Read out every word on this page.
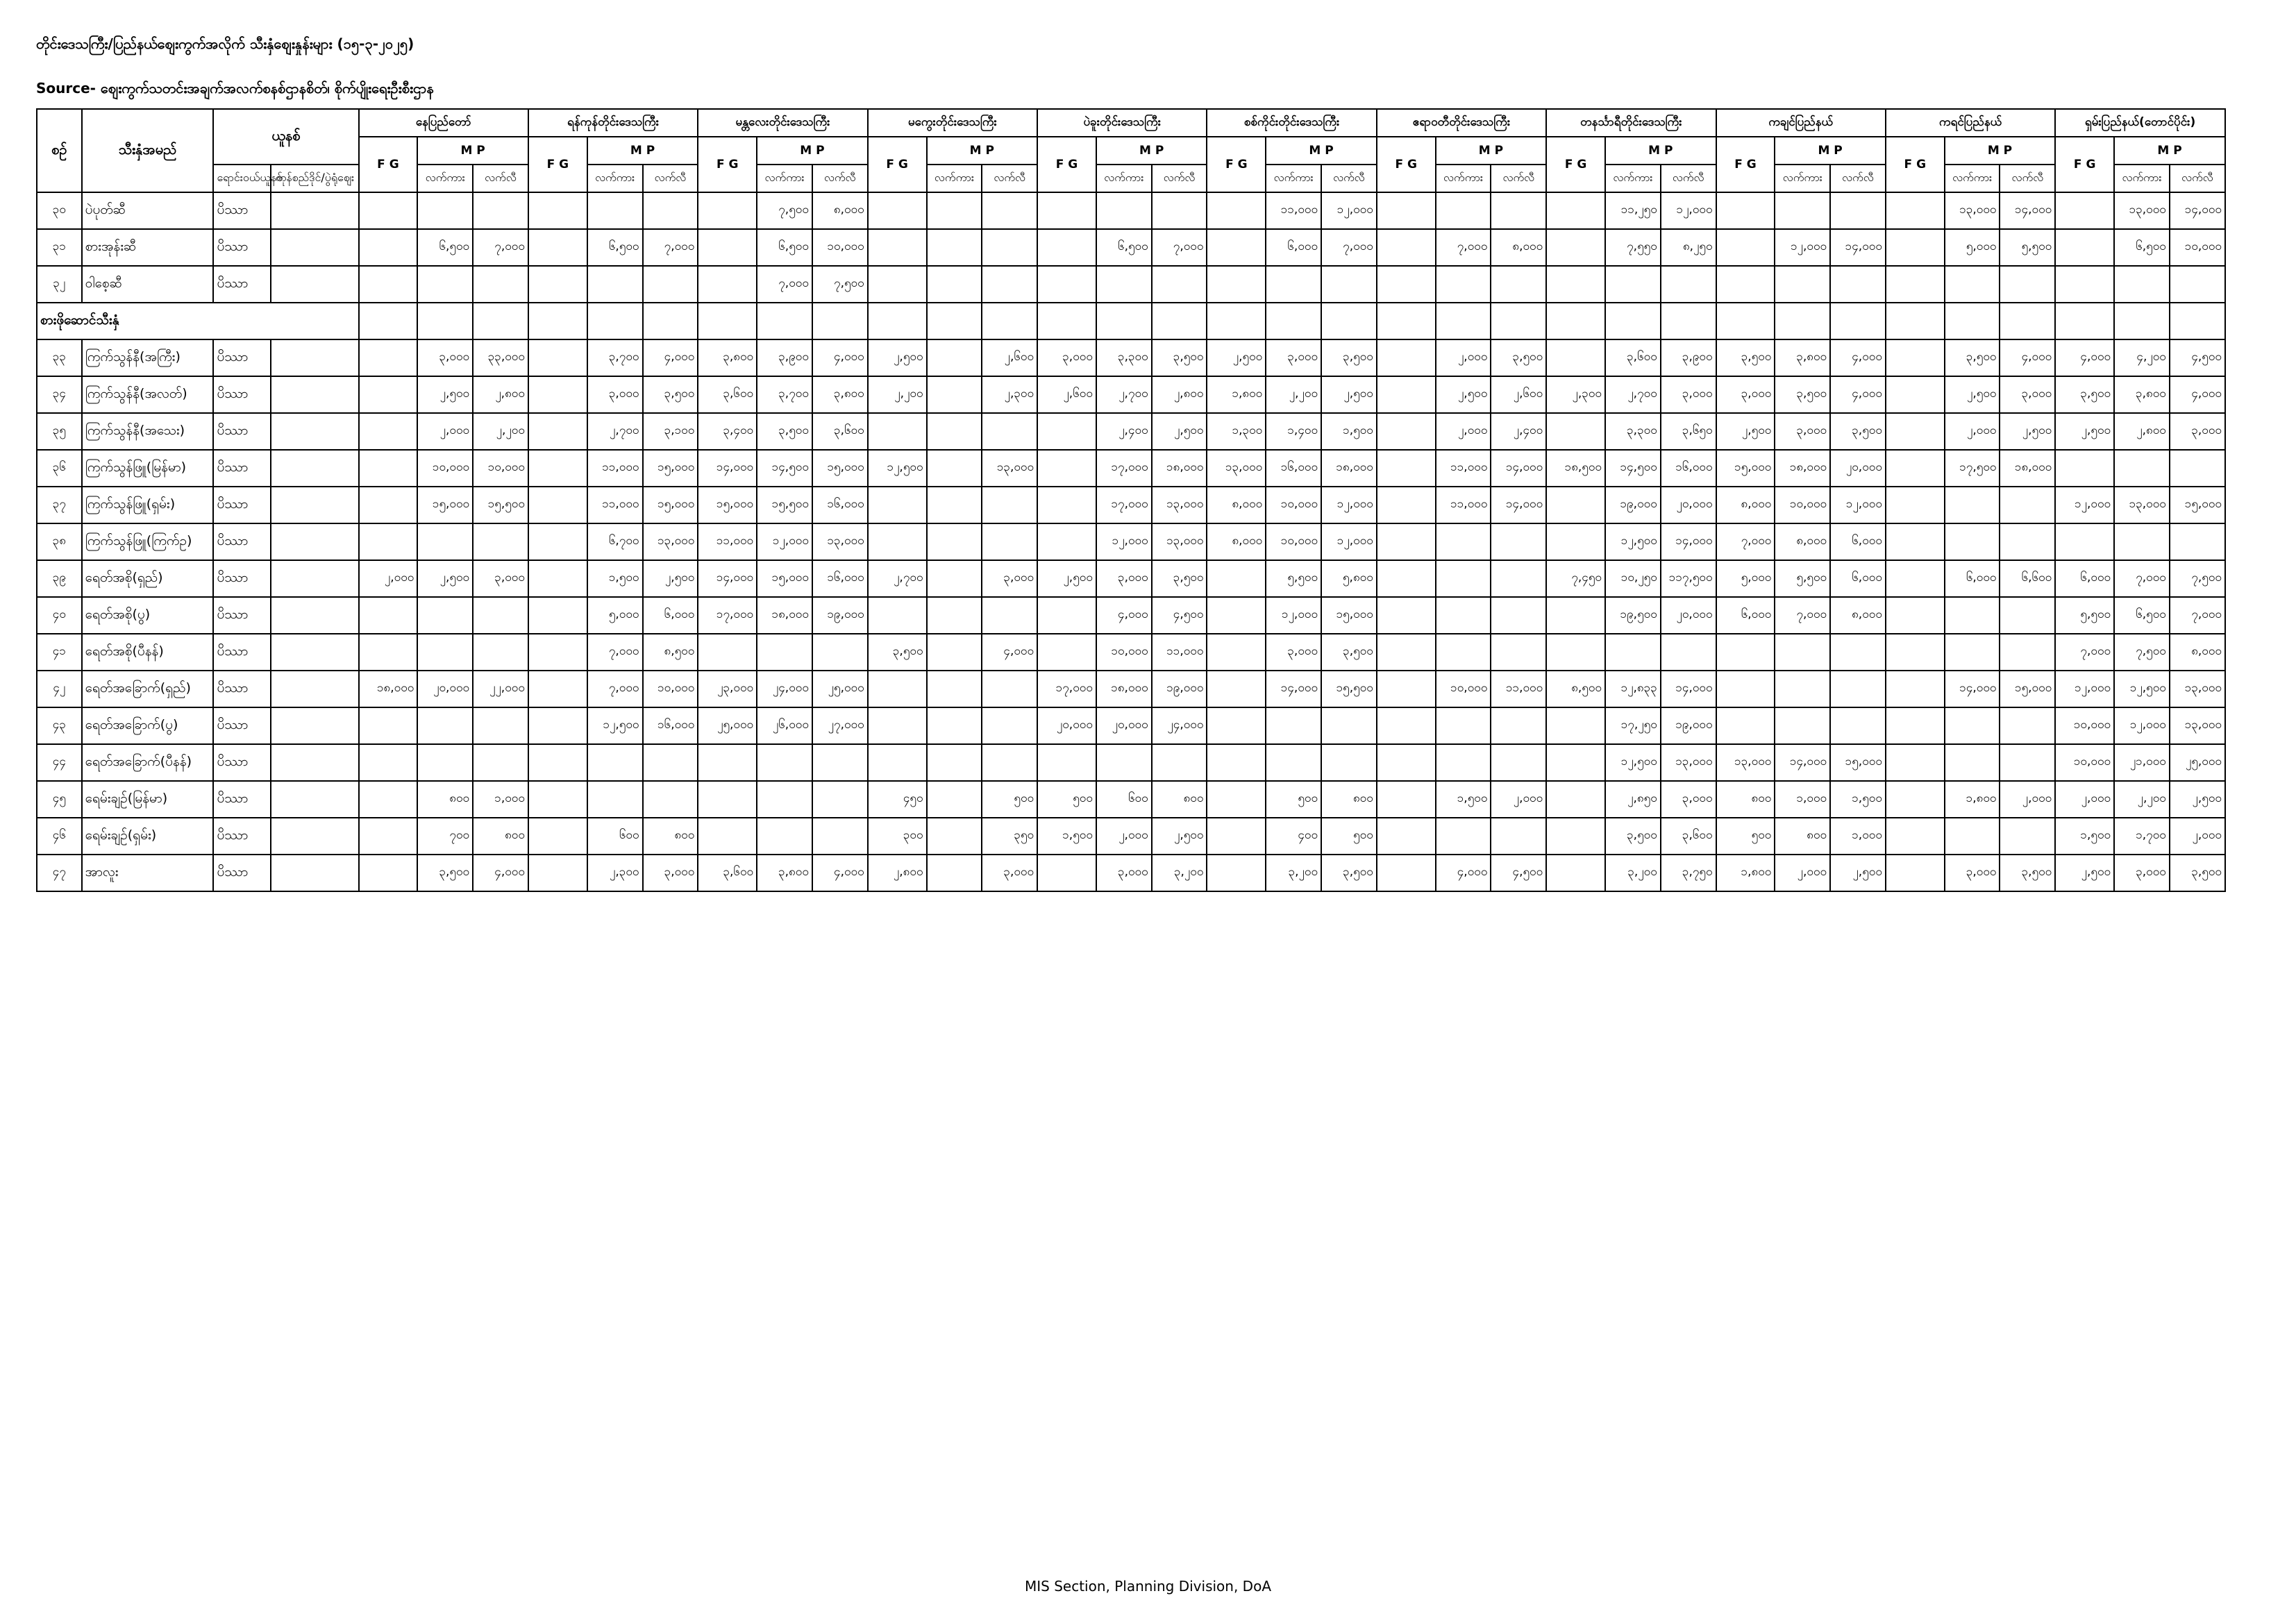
တိုင်းဒေသကြီး/ပြည်နယ်စျေးကွက်အလိုက် သီးနှံစျေးနှုန်းများ (၁၅-၃-၂၀၂၅)
Source- စျေးကွက်သတင်းအချက်အလက်စနစ်ဌာနစိတ်၊ စိုက်ပျိုးရေးဦးစီးဌာန
စဉ်	သီးနှံအမည်	ယူနစ်		နေပြည်တော်			ရန်ကုန်တိုင်းဒေသကြီး			မန္တလေးတိုင်းဒေသကြီး			မကွေးတိုင်းဒေသကြီး			ပဲခူးတိုင်းဒေသကြီး			စစ်ကိုင်းတိုင်းဒေသကြီး			ဧရာဝတီတိုင်းဒေသကြီး			တနင်္သာရီတိုင်းဒေသကြီး			ကချင်ပြည်နယ်			ကရင်ပြည်နယ်			ရှမ်းပြည်နယ်(တောင်ပိုင်း)		
				F G	M P		F G	M P		F G	M P		F G	M P		F G	M P		F G	M P		F G	M P		F G	M P		F G	M P		F G	M P		F G	M P	
		ရောင်းဝယ်ယူနစ်	ကုန်စည်ဒိုင်/ပွဲရုံဈေး		လက်ကား	လက်လီ		လက်ကား	လက်လီ		လက်ကား	လက်လီ		လက်ကား	လက်လီ		လက်ကား	လက်လီ		လက်ကား	လက်လီ		လက်ကား	လက်လီ		လက်ကား	လက်လီ		လက်ကား	လက်လီ		လက်ကား	လက်လီ		လက်ကား	လက်လီ
၃၀	ပဲပုတ်ဆီ	ပိဿာ									၇,၅၀၀	၈,၀၀၀								၁၁,၀၀၀	၁၂,၀၀၀					၁၁,၂၅၀	၁၂,၀၀၀					၁၃,၀၀၀	၁၄,၀၀၀		၁၃,၀၀၀	၁၄,၀၀၀
၃၁	စားအုန်းဆီ	ပိဿာ			၆,၅၀၀	၇,၀၀၀		၆,၅၀၀	၇,၀၀၀		၆,၅၀၀	၁၀,၀၀၀					၆,၅၀၀	၇,၀၀၀		၆,၀၀၀	၇,၀၀၀		၇,၀၀၀	၈,၀၀၀		၇,၅၅၀	၈,၂၅၀		၁၂,၀၀၀	၁၄,၀၀၀		၅,၀၀၀	၅,၅၀၀		၆,၅၀၀	၁၀,၀၀၀
၃၂	ဝါစေ့ဆီ	ပိဿာ									၇,၀၀၀	၇,၅၀၀																								
စားဖိုဆောင်သီးနှံ																																				
၃၃	ကြက်သွန်နီ(အကြီး)	ပိဿာ			၃,၀၀၀	၃၃,၀၀၀		၃,၇၀၀	၄,၀၀၀	၃,၈၀၀	၃,၉၀၀	၄,၀၀၀	၂,၅၀၀		၂,၆၀၀	၃,၀၀၀	၃,၃၀၀	၃,၅၀၀	၂,၅၀၀	၃,၀၀၀	၃,၅၀၀		၂,၀၀၀	၃,၅၀၀		၃,၆၀၀	၃,၉၀၀	၃,၅၀၀	၃,၈၀၀	၄,၀၀၀		၃,၅၀၀	၄,၀၀၀	၄,၀၀၀	၄,၂၀၀	၄,၅၀၀
၃၄	ကြက်သွန်နီ(အလတ်)	ပိဿာ			၂,၅၀၀	၂,၈၀၀		၃,၀၀၀	၃,၅၀၀	၃,၆၀၀	၃,၇၀၀	၃,၈၀၀	၂,၂၀၀		၂,၃၀၀	၂,၆၀၀	၂,၇၀၀	၂,၈၀၀	၁,၈၀၀	၂,၂၀၀	၂,၅၀၀		၂,၅၀၀	၂,၆၀၀	၂,၃၀၀	၂,၇၀၀	၃,၀၀၀	၃,၀၀၀	၃,၅၀၀	၄,၀၀၀		၂,၅၀၀	၃,၀၀၀	၃,၅၀၀	၃,၈၀၀	၄,၀၀၀
၃၅	ကြက်သွန်နီ(အသေး)	ပိဿာ			၂,၀၀၀	၂,၂၀၀		၂,၇၀၀	၃,၁၀၀	၃,၄၀၀	၃,၅၀၀	၃,၆၀၀					၂,၄၀၀	၂,၅၀၀	၁,၃၀၀	၁,၄၀၀	၁,၅၀၀		၂,၀၀၀	၂,၄၀၀		၃,၃၀၀	၃,၆၅၀	၂,၅၀၀	၃,၀၀၀	၃,၅၀၀		၂,၀၀၀	၂,၅၀၀	၂,၅၀၀	၂,၈၀၀	၃,၀၀၀
၃၆	ကြက်သွန်ဖြူ(မြန်မာ)	ပိဿာ			၁၀,၀၀၀	၁၀,၀၀၀		၁၁,၀၀၀	၁၅,၀၀၀	၁၄,၀၀၀	၁၄,၅၀၀	၁၅,၀၀၀	၁၂,၅၀၀		၁၃,၀၀၀		၁၇,၀၀၀	၁၈,၀၀၀	၁၃,၀၀၀	၁၆,၀၀၀	၁၈,၀၀၀		၁၁,၀၀၀	၁၄,၀၀၀	၁၈,၅၀၀	၁၄,၅၀၀	၁၆,၀၀၀	၁၅,၀၀၀	၁၈,၀၀၀	၂၀,၀၀၀		၁၇,၅၀၀	၁၈,၀၀၀			
၃၇	ကြက်သွန်ဖြူ(ရှမ်း)	ပိဿာ			၁၅,၀၀၀	၁၅,၅၀၀		၁၁,၀၀၀	၁၅,၀၀၀	၁၅,၀၀၀	၁၅,၅၀၀	၁၆,၀၀၀					၁၇,၀၀၀	၁၃,၀၀၀	၈,၀၀၀	၁၀,၀၀၀	၁၂,၀၀၀		၁၁,၀၀၀	၁၄,၀၀၀		၁၉,၀၀၀	၂၀,၀၀၀	၈,၀၀၀	၁၀,၀၀၀	၁၂,၀၀၀				၁၂,၀၀၀	၁၃,၀၀၀	၁၅,၀၀၀
၃၈	ကြက်သွန်ဖြူ(ကြက်ဥ)	ပိဿာ						၆,၇၀၀	၁၃,၀၀၀	၁၁,၀၀၀	၁၂,၀၀၀	၁၃,၀၀၀					၁၂,၀၀၀	၁၃,၀၀၀	၈,၀၀၀	၁၀,၀၀၀	၁၂,၀၀၀					၁၂,၅၀၀	၁၄,၀၀၀	၇,၀၀၀	၈,၀၀၀	၆,၀၀၀						
၃၉	ရေတ်အစို(ရှည်)	ပိဿာ		၂,၀၀၀	၂,၅၀၀	၃,၀၀၀		၁,၅၀၀	၂,၅၀၀	၁၄,၀၀၀	၁၅,၀၀၀	၁၆,၀၀၀	၂,၇၀၀		၃,၀၀၀	၂,၅၀၀	၃,၀၀၀	၃,၅၀၀		၅,၅၀၀	၅,၈၀၀				၇,၄၅၀	၁၀,၂၅၀	၁၁၇,၅၀၀	၅,၀၀၀	၅,၅၀၀	၆,၀၀၀		၆,၀၀၀	၆,၆၀၀	၆,၀၀၀	၇,၀၀၀	၇,၅၀၀
၄၀	ရေတ်အစို(ပွ)	ပိဿာ						၅,၀၀၀	၆,၀၀၀	၁၇,၀၀၀	၁၈,၀၀၀	၁၉,၀၀၀					၄,၀၀၀	၄,၅၀၀		၁၂,၀၀၀	၁၅,၀၀၀					၁၉,၅၀၀	၂၀,၀၀၀	၆,၀၀၀	၇,၀၀၀	၈,၀၀၀				၅,၅၀၀	၆,၅၀၀	၇,၀၀၀
၄၁	ရေတ်အစို(ပီနန်)	ပိဿာ						၇,၀၀၀	၈,၅၀၀				၃,၅၀၀		၄,၀၀၀		၁၀,၀၀၀	၁၁,၀၀၀		၃,၀၀၀	၃,၅၀၀													၇,၀၀၀	၇,၅၀၀	၈,၀၀၀
၄၂	ရေတ်အခြောက်(ရှည်)	ပိဿာ		၁၈,၀၀၀	၂၀,၀၀၀	၂၂,၀၀၀		၇,၀၀၀	၁၀,၀၀၀	၂၃,၀၀၀	၂၄,၀၀၀	၂၅,၀၀၀				၁၇,၀၀၀	၁၈,၀၀၀	၁၉,၀၀၀		၁၄,၀၀၀	၁၅,၅၀၀		၁၀,၀၀၀	၁၁,၀၀၀	၈,၅၀၀	၁၂,၈၃၃	၁၄,၀၀၀					၁၄,၀၀၀	၁၅,၀၀၀	၁၂,၀၀၀	၁၂,၅၀၀	၁၃,၀၀၀
၄၃	ရေတ်အခြောက်(ပွ)	ပိဿာ						၁၂,၅၀၀	၁၆,၀၀၀	၂၅,၀၀၀	၂၆,၀၀၀	၂၇,၀၀၀				၂၀,၀၀၀	၂၀,၀၀၀	၂၄,၀၀၀								၁၇,၂၅၀	၁၉,၀၀၀							၁၀,၀၀၀	၁၂,၀၀၀	၁၃,၀၀၀
၄၄	ရေတ်အခြောက်(ပီနန်)	ပိဿာ																								၁၂,၅၀၀	၁၃,၀၀၀	၁၃,၀၀၀	၁၄,၀၀၀	၁၅,၀၀၀				၁၀,၀၀၀	၂၁,၀၀၀	၂၅,၀၀၀
၄၅	ရေမ်းချဉ်(မြန်မာ)	ပိဿာ			၈၀၀	၁,၀၀၀							၄၅၀		၅၀၀	၅၀၀	၆၀၀	၈၀၀		၅၀၀	၈၀၀		၁,၅၀၀	၂,၀၀၀		၂,၈၅၀	၃,၀၀၀	၈၀၀	၁,၀၀၀	၁,၅၀၀		၁,၈၀၀	၂,၀၀၀	၂,၀၀၀	၂,၂၀၀	၂,၅၀၀
၄၆	ရေမ်းချဉ်(ရှမ်း)	ပိဿာ			၇၀၀	၈၀၀		၆၀၀	၈၀၀				၃၀၀		၃၅၀	၁,၅၀၀	၂,၀၀၀	၂,၅၀၀		၄၀၀	၅၀၀					၃,၅၀၀	၃,၆၀၀	၅၀၀	၈၀၀	၁,၀၀၀				၁,၅၀၀	၁,၇၀၀	၂,၀၀၀
၄၇	အာလူး	ပိဿာ			၃,၅၀၀	၄,၀၀၀		၂,၃၀၀	၃,၀၀၀	၃,၆၀၀	၃,၈၀၀	၄,၀၀၀	၂,၈၀၀		၃,၀၀၀		၃,၀၀၀	၃,၂၀၀		၃,၂၀၀	၃,၅၀၀		၄,၀၀၀	၄,၅၀၀		၃,၂၀၀	၃,၇၅၀	၁,၈၀၀	၂,၀၀၀	၂,၅၀၀		၃,၀၀၀	၃,၅၀၀	၂,၅၀၀	၃,၀၀၀	၃,၅၀၀
MIS Section, Planning Division, DoA
